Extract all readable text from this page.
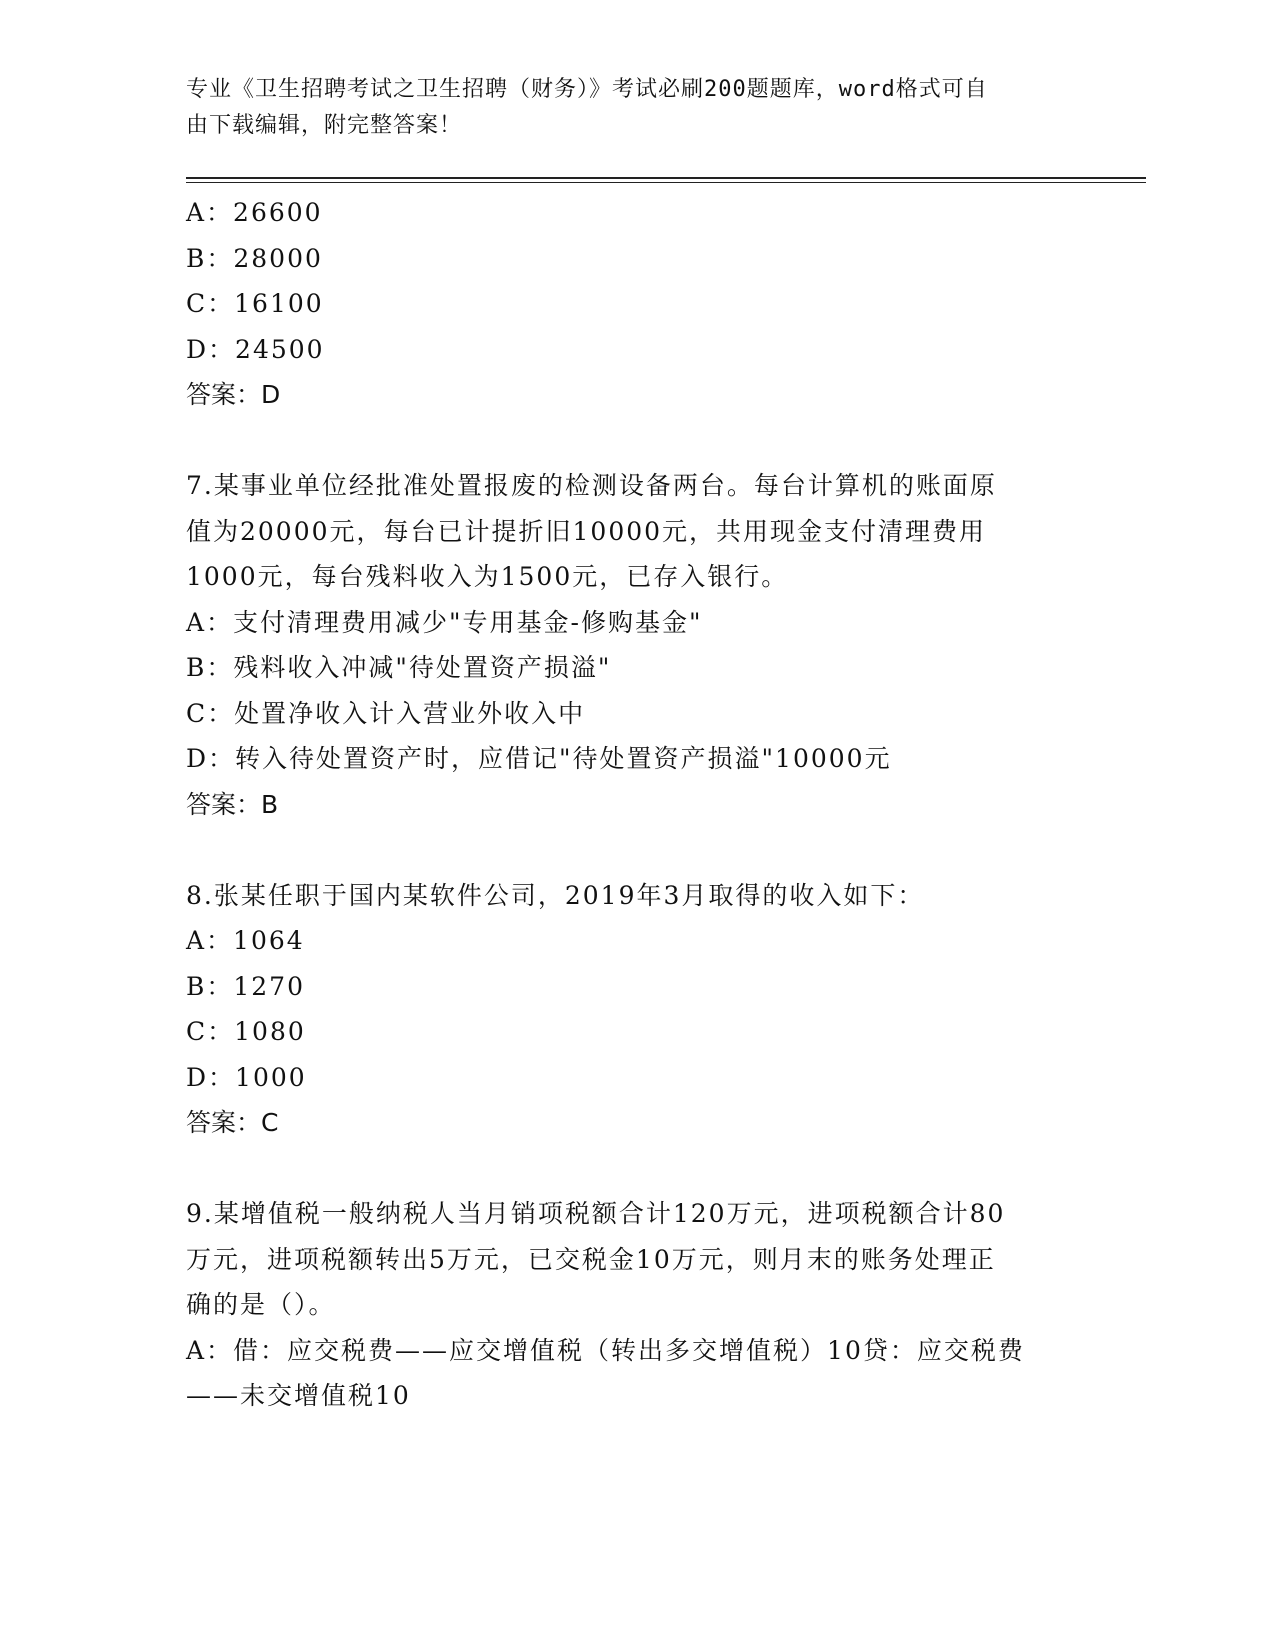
专业《卫生招聘考试之卫生招聘（财务）》考试必刷200题题库，word格式可自
由下载编辑，附完整答案！
A：26600
B：28000
C：16100
D：24500
答案：D
7.某事业单位经批准处置报废的检测设备两台。每台计算机的账面原
值为20000元，每台已计提折旧10000元，共用现金支付清理费用
1000元，每台残料收入为1500元，已存入银行。
A：支付清理费用减少"专用基金-修购基金"
B：残料收入冲减"待处置资产损溢"
C：处置净收入计入营业外收入中
D：转入待处置资产时，应借记"待处置资产损溢"10000元
答案：B
8.张某任职于国内某软件公司，2019年3月取得的收入如下：
A：1064
B：1270
C：1080
D：1000
答案：C
9.某增值税一般纳税人当月销项税额合计120万元，进项税额合计80
万元，进项税额转出5万元，已交税金10万元，则月末的账务处理正
确的是（）。
A：借：应交税费——应交增值税（转出多交增值税）10贷：应交税费
——未交增值税10
